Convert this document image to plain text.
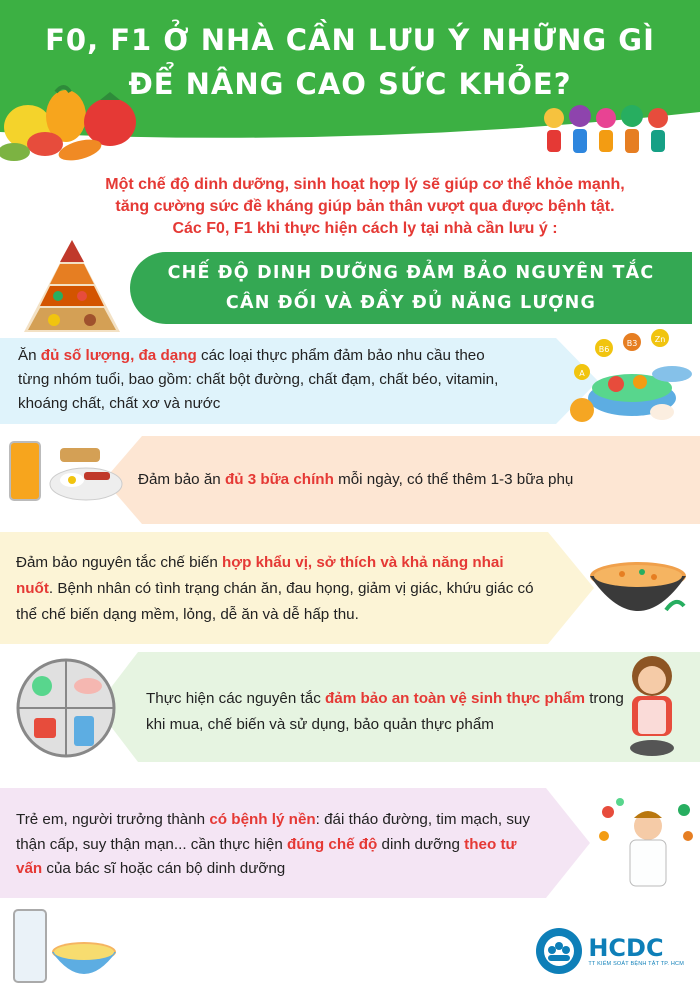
F0, F1 Ở NHÀ CẦN LƯU Ý NHỮNG GÌ
ĐỂ NÂNG CAO SỨC KHỎE?
Một chế độ dinh dưỡng, sinh hoạt hợp lý sẽ giúp cơ thể khỏe mạnh,
tăng cường sức đề kháng giúp bản thân vượt qua được bệnh tật.
Các F0, F1 khi thực hiện cách ly tại nhà cần lưu ý :
CHẾ ĐỘ DINH DƯỠNG ĐẢM BẢO NGUYÊN TẮC
CÂN ĐỐI VÀ ĐẦY ĐỦ NĂNG LƯỢNG
Ăn đủ số lượng, đa dạng các loại thực phẩm đảm bảo nhu cầu theo từng nhóm tuổi, bao gồm: chất bột đường, chất đạm, chất béo, vitamin, khoáng chất, chất xơ và nước
B6
B3 Zn
A
Đảm bảo ăn đủ 3 bữa chính mỗi ngày, có thể thêm 1-3 bữa phụ
Đảm bảo nguyên tắc chế biến hợp khẩu vị, sở thích và khả năng nhai nuốt. Bệnh nhân có tình trạng chán ăn, đau họng, giảm vị giác, khứu giác có thể chế biến dạng mềm, lỏng, dễ ăn và dễ hấp thu.
Thực hiện các nguyên tắc đảm bảo an toàn vệ sinh thực phẩm trong khi mua, chế biến và sử dụng, bảo quản thực phẩm
Trẻ em, người trưởng thành có bệnh lý nền: đái tháo đường, tim mạch, suy thận cấp, suy thận mạn... cần thực hiện đúng chế độ dinh dưỡng theo tư vấn của bác sĩ hoặc cán bộ dinh dưỡng
HCDC
TT KIỂM SOÁT BỆNH TẬT TP. HCM
